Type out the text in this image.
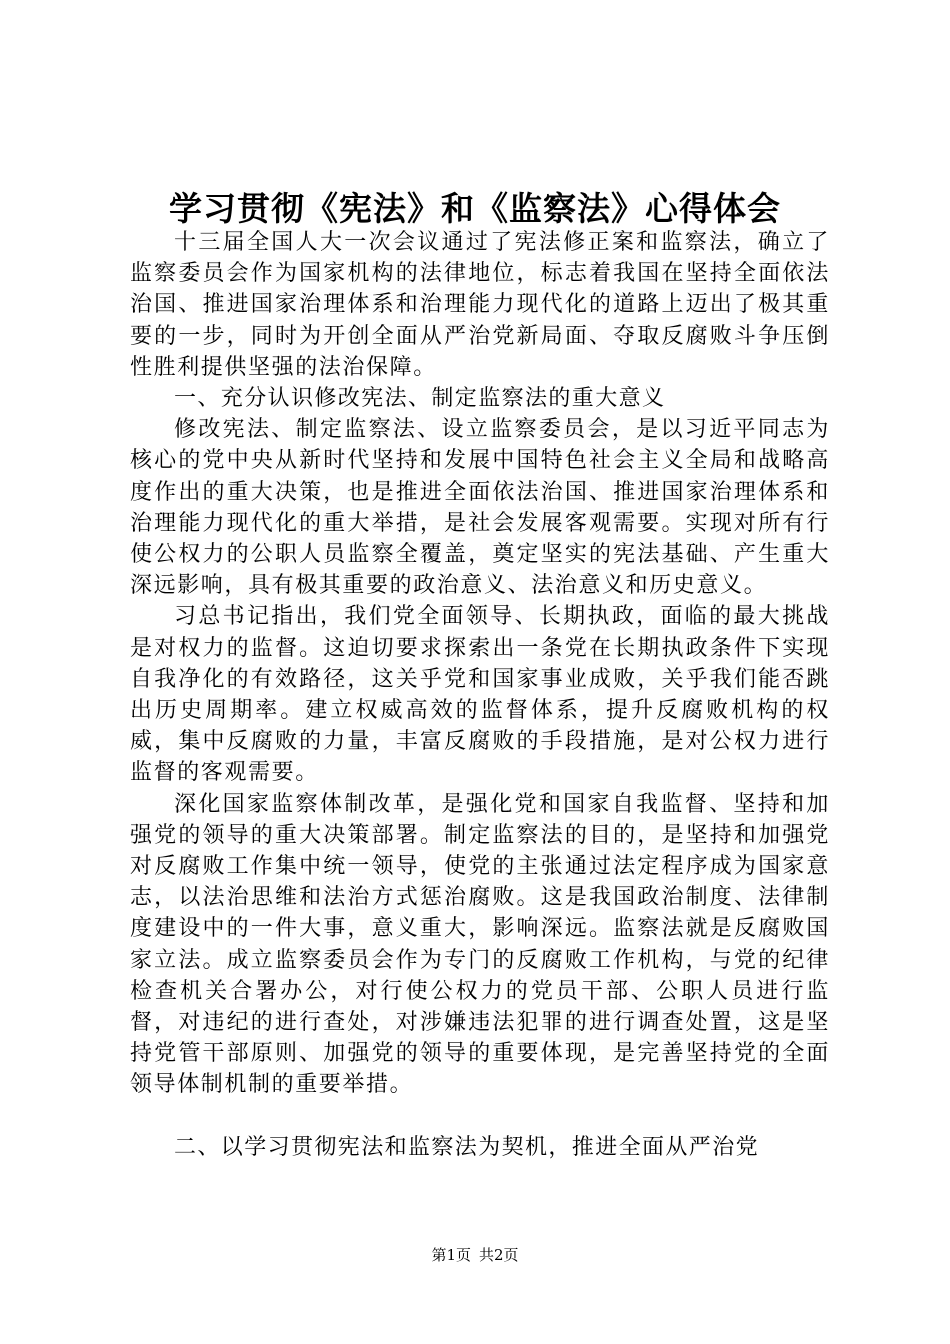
学习贯彻《宪法》和《监察法》心得体会

十三届全国人大一次会议通过了宪法修正案和监察法，确立了监察委员会作为国家机构的法律地位，标志着我国在坚持全面依法治国、推进国家治理体系和治理能力现代化的道路上迈出了极其重要的一步，同时为开创全面从严治党新局面、夺取反腐败斗争压倒性胜利提供坚强的法治保障。

一、充分认识修改宪法、制定监察法的重大意义

修改宪法、制定监察法、设立监察委员会，是以习近平同志为核心的党中央从新时代坚持和发展中国特色社会主义全局和战略高度作出的重大决策，也是推进全面依法治国、推进国家治理体系和治理能力现代化的重大举措，是社会发展客观需要。实现对所有行使公权力的公职人员监察全覆盖，奠定坚实的宪法基础、产生重大深远影响，具有极其重要的政治意义、法治意义和历史意义。

习总书记指出，我们党全面领导、长期执政，面临的最大挑战是对权力的监督。这迫切要求探索出一条党在长期执政条件下实现自我净化的有效路径，这关乎党和国家事业成败，关乎我们能否跳出历史周期率。建立权威高效的监督体系，提升反腐败机构的权威，集中反腐败的力量，丰富反腐败的手段措施，是对公权力进行监督的客观需要。

深化国家监察体制改革，是强化党和国家自我监督、坚持和加强党的领导的重大决策部署。制定监察法的目的，是坚持和加强党对反腐败工作集中统一领导，使党的主张通过法定程序成为国家意志，以法治思维和法治方式惩治腐败。这是我国政治制度、法律制度建设中的一件大事，意义重大，影响深远。监察法就是反腐败国家立法。成立监察委员会作为专门的反腐败工作机构，与党的纪律检查机关合署办公，对行使公权力的党员干部、公职人员进行监督，对违纪的进行查处，对涉嫌违法犯罪的进行调查处置，这是坚持党管干部原则、加强党的领导的重要体现，是完善坚持党的全面领导体制机制的重要举措。

二、以学习贯彻宪法和监察法为契机，推进全面从严治党

第1页 共2页
